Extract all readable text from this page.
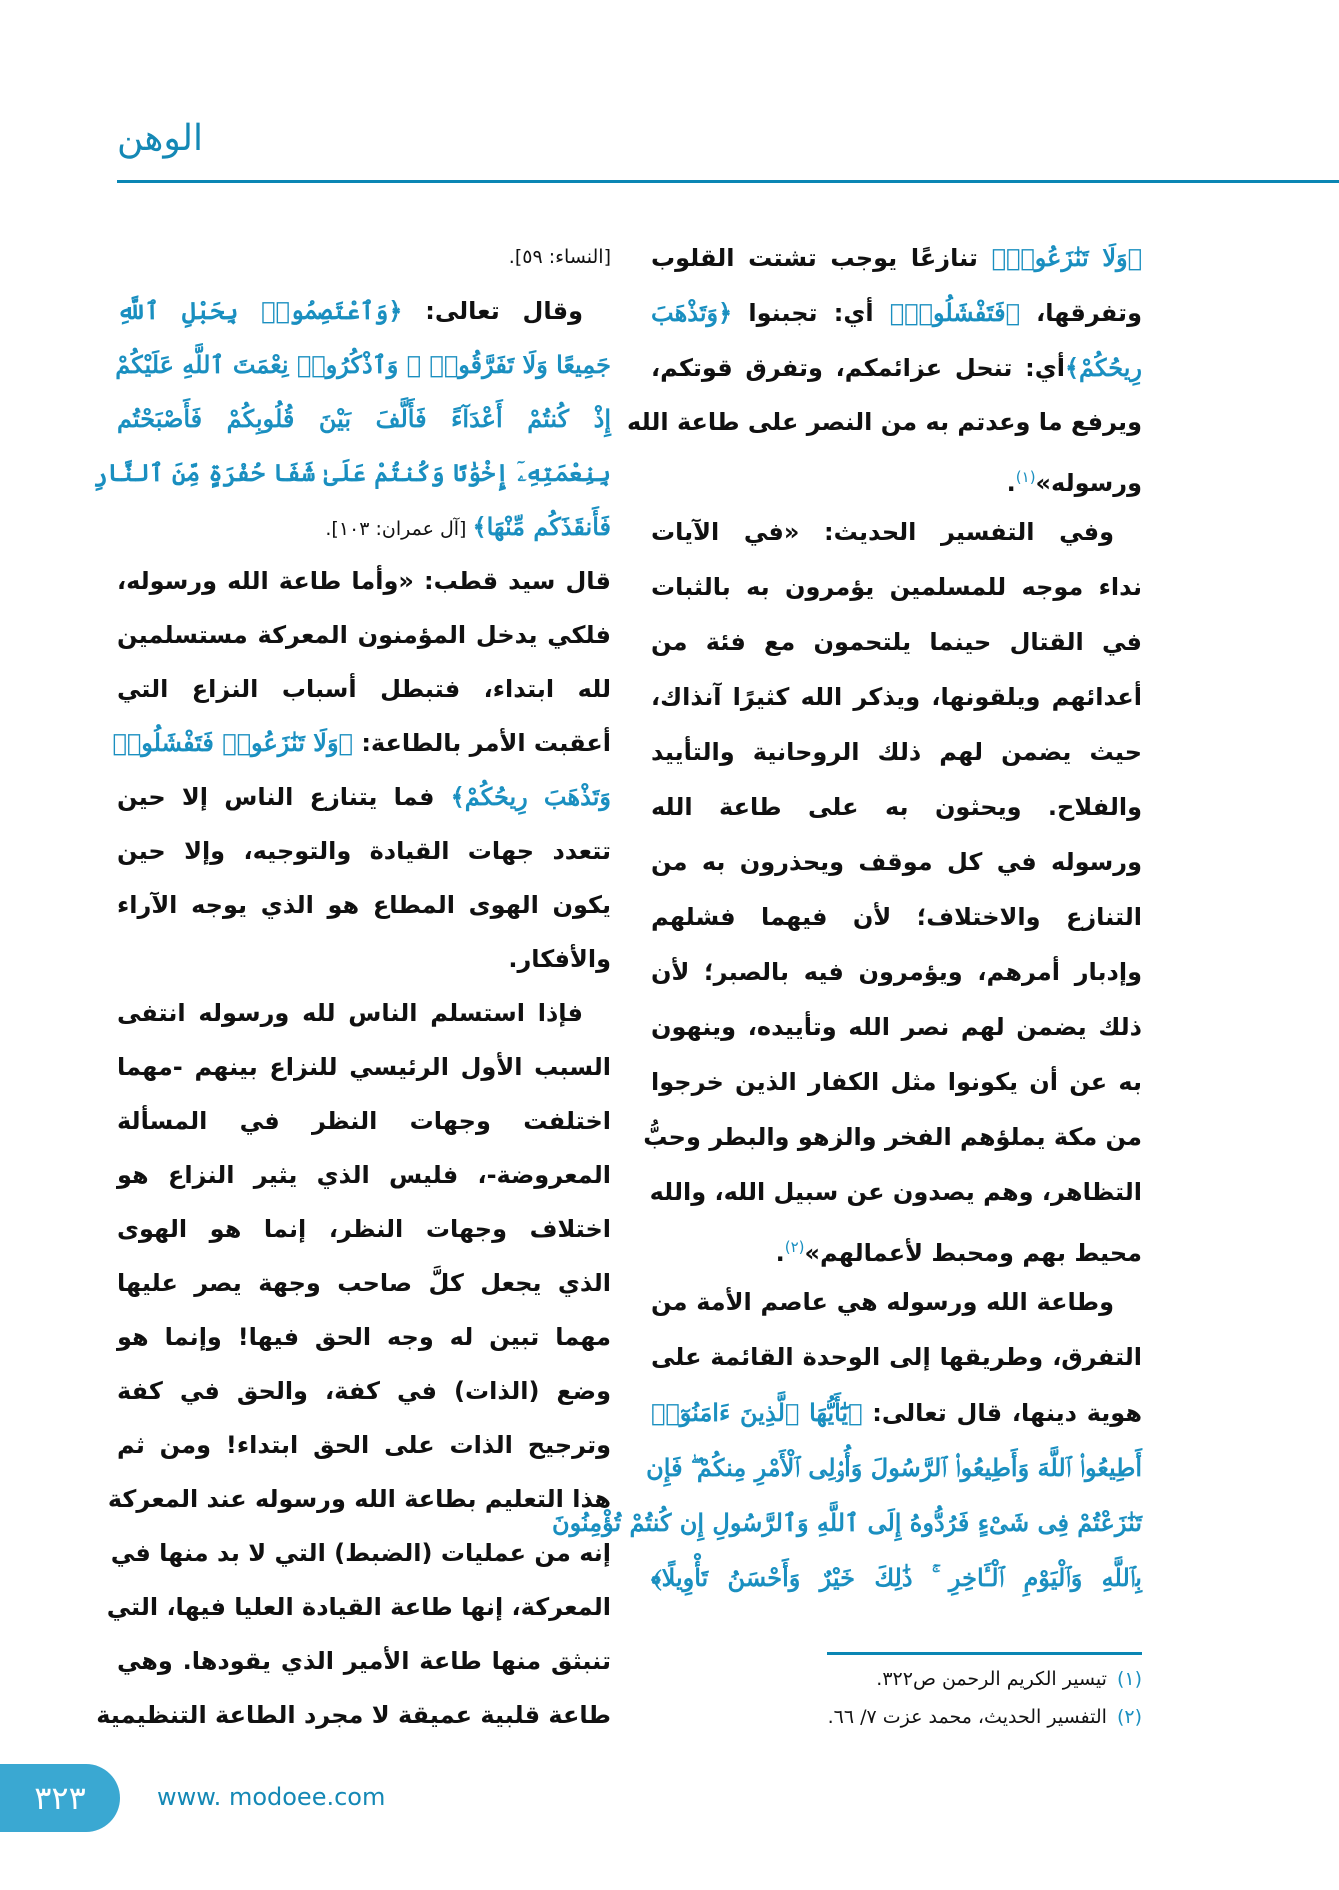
الوهن
﴿وَلَا تَنَٰزَعُوا۟﴾ تنازعًا يوجب تشتت القلوب
وتفرقها، ﴿فَتَفْشَلُوا۟﴾ أي: تجبنوا ﴿وَتَذْهَبَ
رِيحُكُمْ﴾أي: تنحل عزائمكم، وتفرق قوتكم،
ويرفع ما وعدتم به من النصر على طاعة الله
ورسوله»$^{(١)}$.
وفي التفسير الحديث: «في الآيات
نداء موجه للمسلمين يؤمرون به بالثبات
في القتال حينما يلتحمون مع فئة من
أعدائهم ويلقونها، ويذكر الله كثيرًا آنذاك،
حيث يضمن لهم ذلك الروحانية والتأييد
والفلاح. ويحثون به على طاعة الله
ورسوله في كل موقف ويحذرون به من
التنازع والاختلاف؛ لأن فيهما فشلهم
وإدبار أمرهم، ويؤمرون فيه بالصبر؛ لأن
ذلك يضمن لهم نصر الله وتأييده، وينهون
به عن أن يكونوا مثل الكفار الذين خرجوا
من مكة يملؤهم الفخر والزهو والبطر وحبُّ
التظاهر، وهم يصدون عن سبيل الله، والله
محيط بهم ومحبط لأعمالهم»$^{(٢)}$.
وطاعة الله ورسوله هي عاصم الأمة من
التفرق، وطريقها إلى الوحدة القائمة على
هوية دينها، قال تعالى: ﴿يَٰٓأَيُّهَا ٱلَّذِينَ ءَامَنُوٓا۟
أَطِيعُوا۟ ٱللَّهَ وَأَطِيعُوا۟ ٱلرَّسُولَ وَأُو۟لِى ٱلْأَمْرِ مِنكُمْ ۖ فَإِن
تَنَٰزَعْتُمْ فِى شَىْءٍ فَرُدُّوهُ إِلَى ٱللَّهِ وَٱلرَّسُولِ إِن كُنتُمْ تُؤْمِنُونَ
بِٱللَّهِ وَٱلْيَوْمِ ٱلْـَٔاخِرِ ۚ ذَٰلِكَ خَيْرٌ وَأَحْسَنُ تَأْوِيلًا﴾
[النساء: ٥٩].
وقال تعالى: ﴿وَٱعْتَصِمُوا۟ بِحَبْلِ ٱللَّهِ
جَمِيعًا وَلَا تَفَرَّقُوا۟ ۚ وَٱذْكُرُوا۟ نِعْمَتَ ٱللَّهِ عَلَيْكُمْ
إِذْ كُنتُمْ أَعْدَآءً فَأَلَّفَ بَيْنَ قُلُوبِكُمْ فَأَصْبَحْتُم
بِنِعْمَتِهِۦٓ إِخْوَٰنًا وَكُنتُمْ عَلَىٰ شَفَا حُفْرَةٍ مِّنَ ٱلنَّارِ
فَأَنقَذَكُم مِّنْهَا﴾ [آل عمران: ١٠٣].
قال سيد قطب: «وأما طاعة الله ورسوله،
فلكي يدخل المؤمنون المعركة مستسلمين
لله ابتداء، فتبطل أسباب النزاع التي
أعقبت الأمر بالطاعة: ﴿وَلَا تَنَٰزَعُوا۟ فَتَفْشَلُوا۟
وَتَذْهَبَ رِيحُكُمْ﴾ فما يتنازع الناس إلا حين
تتعدد جهات القيادة والتوجيه، وإلا حين
يكون الهوى المطاع هو الذي يوجه الآراء
والأفكار.
فإذا استسلم الناس لله ورسوله انتفى
السبب الأول الرئيسي للنزاع بينهم -مهما
اختلفت وجهات النظر في المسألة
المعروضة-، فليس الذي يثير النزاع هو
اختلاف وجهات النظر، إنما هو الهوى
الذي يجعل كلَّ صاحب وجهة يصر عليها
مهما تبين له وجه الحق فيها! وإنما هو
وضع (الذات) في كفة، والحق في كفة
وترجيح الذات على الحق ابتداء! ومن ثم
هذا التعليم بطاعة الله ورسوله عند المعركة
إنه من عمليات (الضبط) التي لا بد منها في
المعركة، إنها طاعة القيادة العليا فيها، التي
تنبثق منها طاعة الأمير الذي يقودها. وهي
طاعة قلبية عميقة لا مجرد الطاعة التنظيمية
(١)تيسير الكريم الرحمن ص٣٢٢.
(٢)التفسير الحديث، محمد عزت ٧/ ٦٦.
٣٢٣	www. modoee.com
